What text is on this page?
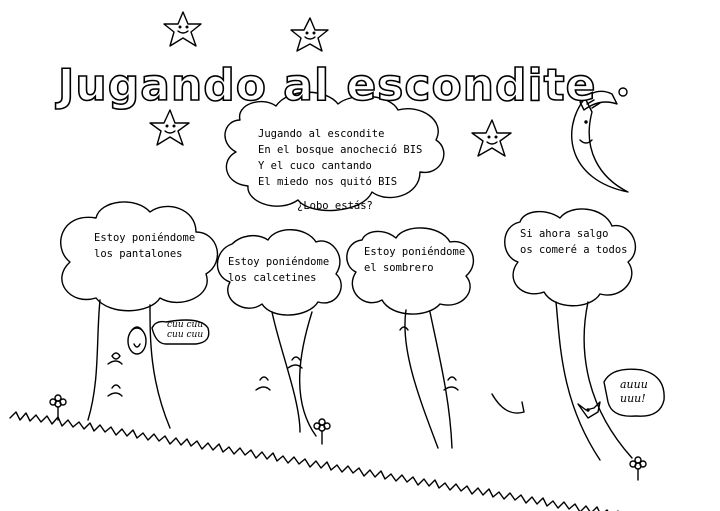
Jugando al escondite
Jugando al escondite
En el bosque anocheció BIS
Y el cuco cantando
El miedo nos quitó BIS
¿Lobo estás?
Estoy poniéndome
los pantalones
Estoy poniéndome
los calcetines
Estoy poniéndome
el sombrero
Si ahora salgo
os comeré a todos
cuu cuu
cuu cuu
auuu
uuu!
